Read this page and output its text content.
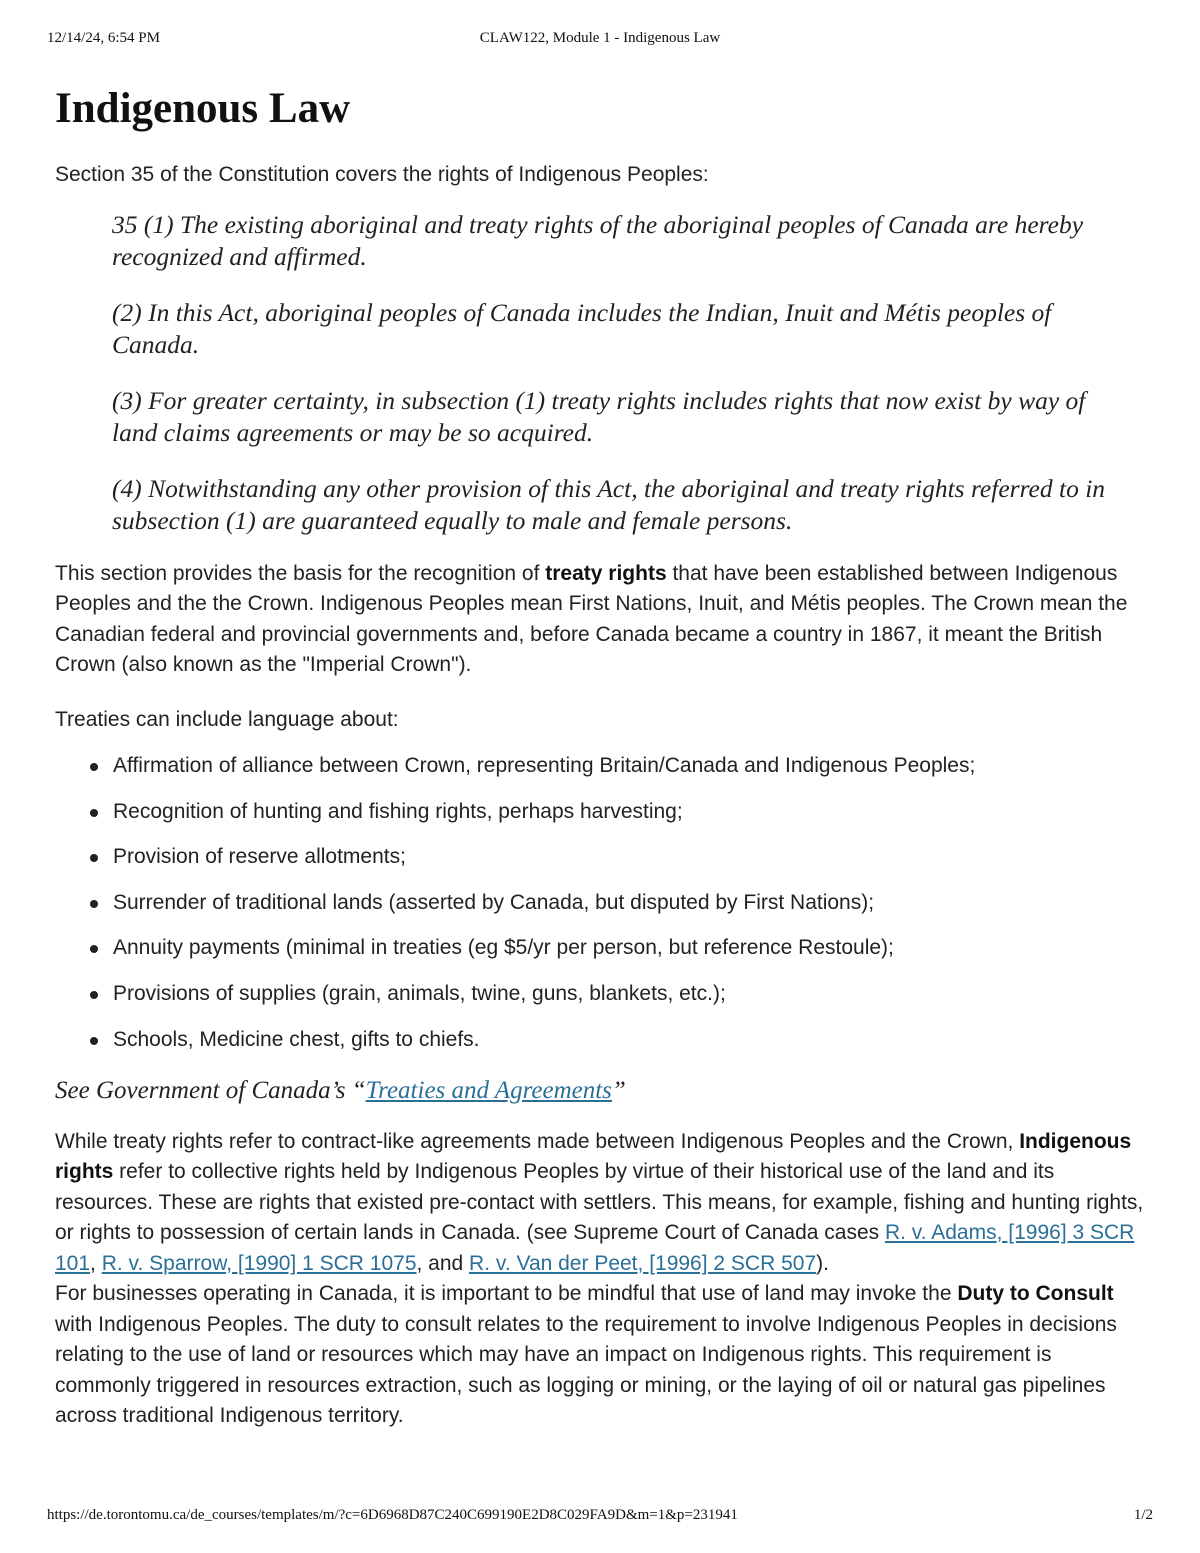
12/14/24, 6:54 PM	CLAW122, Module 1 - Indigenous Law
Indigenous Law

Section 35 of the Constitution covers the rights of Indigenous Peoples:

35 (1) The existing aboriginal and treaty rights of the aboriginal peoples of Canada are hereby recognized and affirmed.

(2) In this Act, aboriginal peoples of Canada includes the Indian, Inuit and Métis peoples of Canada.

(3) For greater certainty, in subsection (1) treaty rights includes rights that now exist by way of land claims agreements or may be so acquired.

(4) Notwithstanding any other provision of this Act, the aboriginal and treaty rights referred to in subsection (1) are guaranteed equally to male and female persons.

This section provides the basis for the recognition of treaty rights that have been established between Indigenous Peoples and the the Crown. Indigenous Peoples mean First Nations, Inuit, and Métis peoples. The Crown mean the Canadian federal and provincial governments and, before Canada became a country in 1867, it meant the British Crown (also known as the "Imperial Crown").

Treaties can include language about:

Affirmation of alliance between Crown, representing Britain/Canada and Indigenous Peoples;
Recognition of hunting and fishing rights, perhaps harvesting;
Provision of reserve allotments;
Surrender of traditional lands (asserted by Canada, but disputed by First Nations);
Annuity payments (minimal in treaties (eg $5/yr per person, but reference Restoule);
Provisions of supplies (grain, animals, twine, guns, blankets, etc.);
Schools, Medicine chest, gifts to chiefs.

See Government of Canada’s “Treaties and Agreements”

While treaty rights refer to contract-like agreements made between Indigenous Peoples and the Crown, Indigenous rights refer to collective rights held by Indigenous Peoples by virtue of their historical use of the land and its resources. These are rights that existed pre-contact with settlers. This means, for example, fishing and hunting rights, or rights to possession of certain lands in Canada. (see Supreme Court of Canada cases R. v. Adams, [1996] 3 SCR 101, R. v. Sparrow, [1990] 1 SCR 1075, and R. v. Van der Peet, [1996] 2 SCR 507).

For businesses operating in Canada, it is important to be mindful that use of land may invoke the Duty to Consult with Indigenous Peoples. The duty to consult relates to the requirement to involve Indigenous Peoples in decisions relating to the use of land or resources which may have an impact on Indigenous rights. This requirement is commonly triggered in resources extraction, such as logging or mining, or the laying of oil or natural gas pipelines across traditional Indigenous territory.

https://de.torontomu.ca/de_courses/templates/m/?c=6D6968D87C240C699190E2D8C029FA9D&m=1&p=231941	1/2
